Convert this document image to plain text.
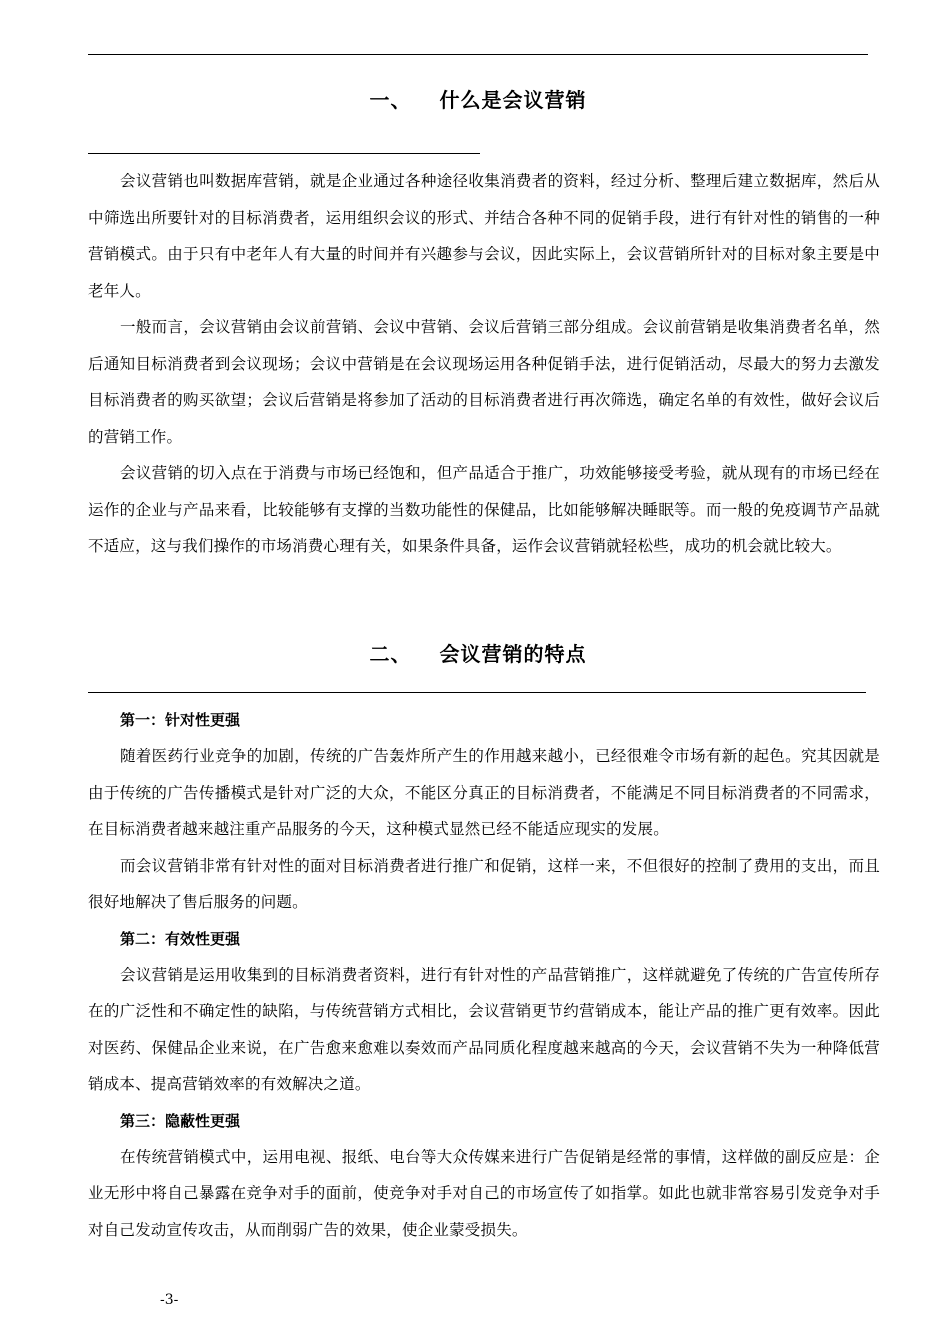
一、 什么是会议营销

会议营销也叫数据库营销，就是企业通过各种途径收集消费者的资料，经过分析、整理后建立数据库，然后从中筛选出所要针对的目标消费者，运用组织会议的形式、并结合各种不同的促销手段，进行有针对性的销售的一种营销模式。由于只有中老年人有大量的时间并有兴趣参与会议，因此实际上，会议营销所针对的目标对象主要是中老年人。

一般而言，会议营销由会议前营销、会议中营销、会议后营销三部分组成。会议前营销是收集消费者名单，然后通知目标消费者到会议现场；会议中营销是在会议现场运用各种促销手法，进行促销活动，尽最大的努力去激发目标消费者的购买欲望；会议后营销是将参加了活动的目标消费者进行再次筛选，确定名单的有效性，做好会议后的营销工作。

会议营销的切入点在于消费与市场已经饱和，但产品适合于推广，功效能够接受考验，就从现有的市场已经在运作的企业与产品来看，比较能够有支撑的当数功能性的保健品，比如能够解决睡眠等。而一般的免疫调节产品就不适应，这与我们操作的市场消费心理有关，如果条件具备，运作会议营销就轻松些，成功的机会就比较大。

二、 会议营销的特点

第一：针对性更强

随着医药行业竞争的加剧，传统的广告轰炸所产生的作用越来越小，已经很难令市场有新的起色。究其因就是由于传统的广告传播模式是针对广泛的大众，不能区分真正的目标消费者，不能满足不同目标消费者的不同需求，在目标消费者越来越注重产品服务的今天，这种模式显然已经不能适应现实的发展。

而会议营销非常有针对性的面对目标消费者进行推广和促销，这样一来，不但很好的控制了费用的支出，而且很好地解决了售后服务的问题。

第二：有效性更强

会议营销是运用收集到的目标消费者资料，进行有针对性的产品营销推广，这样就避免了传统的广告宣传所存在的广泛性和不确定性的缺陷，与传统营销方式相比，会议营销更节约营销成本，能让产品的推广更有效率。因此对医药、保健品企业来说，在广告愈来愈难以奏效而产品同质化程度越来越高的今天，会议营销不失为一种降低营销成本、提高营销效率的有效解决之道。

第三：隐蔽性更强

在传统营销模式中，运用电视、报纸、电台等大众传媒来进行广告促销是经常的事情，这样做的副反应是：企业无形中将自己暴露在竞争对手的面前，使竞争对手对自己的市场宣传了如指掌。如此也就非常容易引发竞争对手对自己发动宣传攻击，从而削弱广告的效果，使企业蒙受损失。

-3-
